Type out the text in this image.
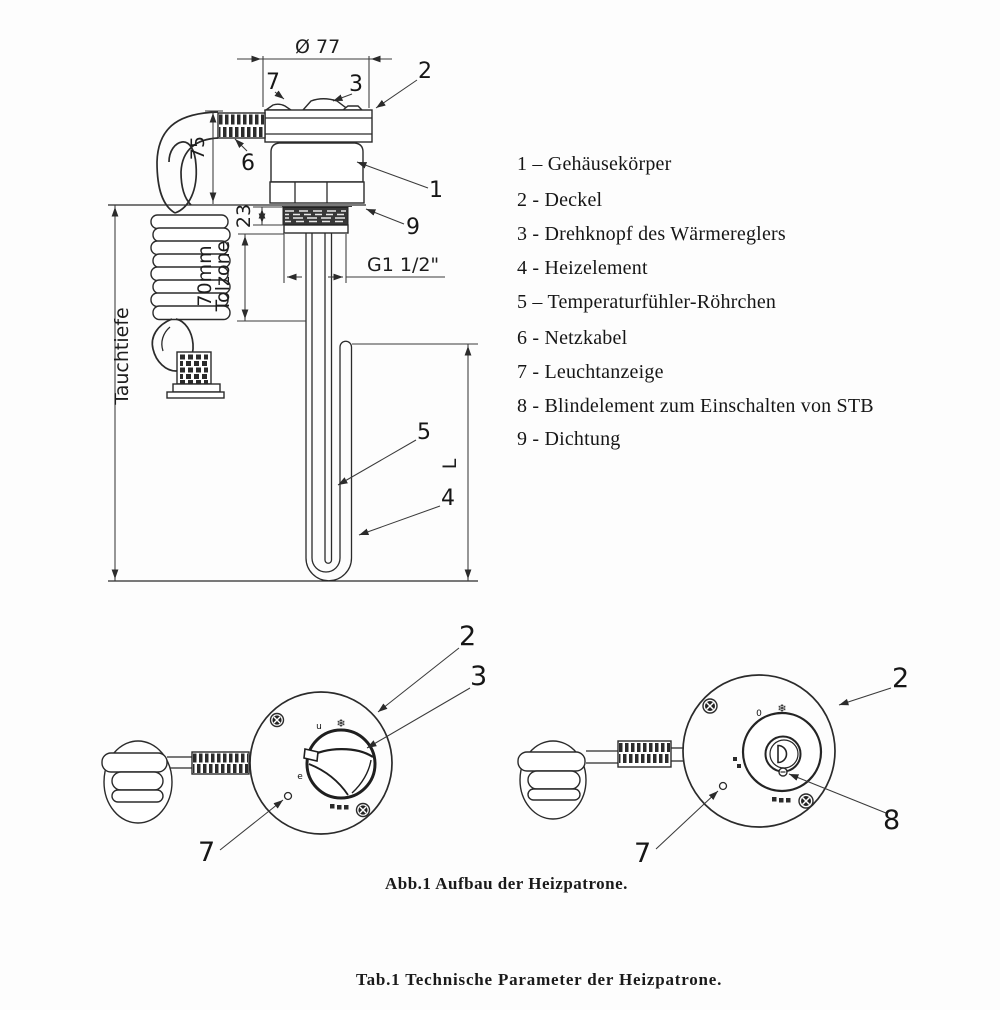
Ø 77
75
23
70mm
Tolzone	G1 1/2"
Tauchtiefe
L
7	3
2
6
1
9
5
4
❄
u
e
2
3
7
❄
0
2
8
7
1 – Gehäusekörper
2 - Deckel
3 - Drehknopf des Wärmereglers
4 - Heizelement
5 – Temperaturfühler-Röhrchen
6 - Netzkabel
7 - Leuchtanzeige
8 - Blindelement zum Einschalten von STB
9 - Dichtung
Abb.1 Aufbau der Heizpatrone.
Tab.1 Technische Parameter der Heizpatrone.
